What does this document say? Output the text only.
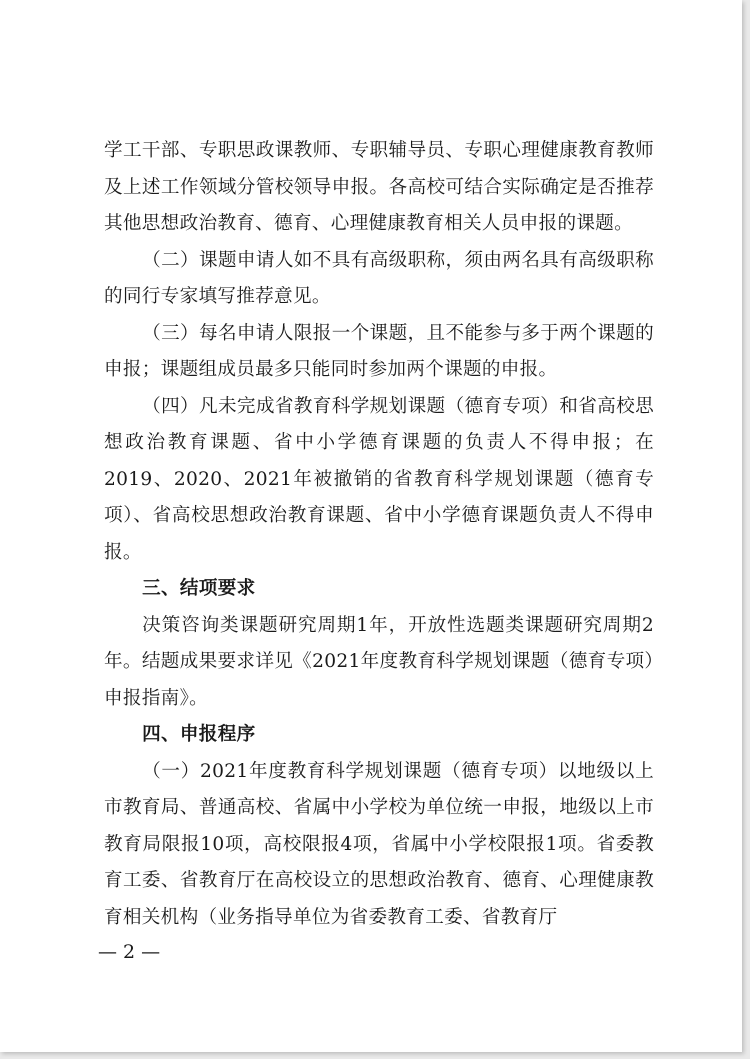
学工干部、专职思政课教师、专职辅导员、专职心理健康教育教师及上述工作领域分管校领导申报。各高校可结合实际确定是否推荐其他思想政治教育、德育、心理健康教育相关人员申报的课题。

（二）课题申请人如不具有高级职称，须由两名具有高级职称的同行专家填写推荐意见。

（三）每名申请人限报一个课题，且不能参与多于两个课题的申报；课题组成员最多只能同时参加两个课题的申报。

（四）凡未完成省教育科学规划课题（德育专项）和省高校思想政治教育课题、省中小学德育课题的负责人不得申报；在2019、2020、2021年被撤销的省教育科学规划课题（德育专项）、省高校思想政治教育课题、省中小学德育课题负责人不得申报。

三、结项要求

决策咨询类课题研究周期1年，开放性选题类课题研究周期2年。结题成果要求详见《2021年度教育科学规划课题（德育专项）申报指南》。

四、申报程序

（一）2021年度教育科学规划课题（德育专项）以地级以上市教育局、普通高校、省属中小学校为单位统一申报，地级以上市教育局限报10项，高校限报4项，省属中小学校限报1项。省委教育工委、省教育厅在高校设立的思想政治教育、德育、心理健康教育相关机构（业务指导单位为省委教育工委、省教育厅

— 2 —
